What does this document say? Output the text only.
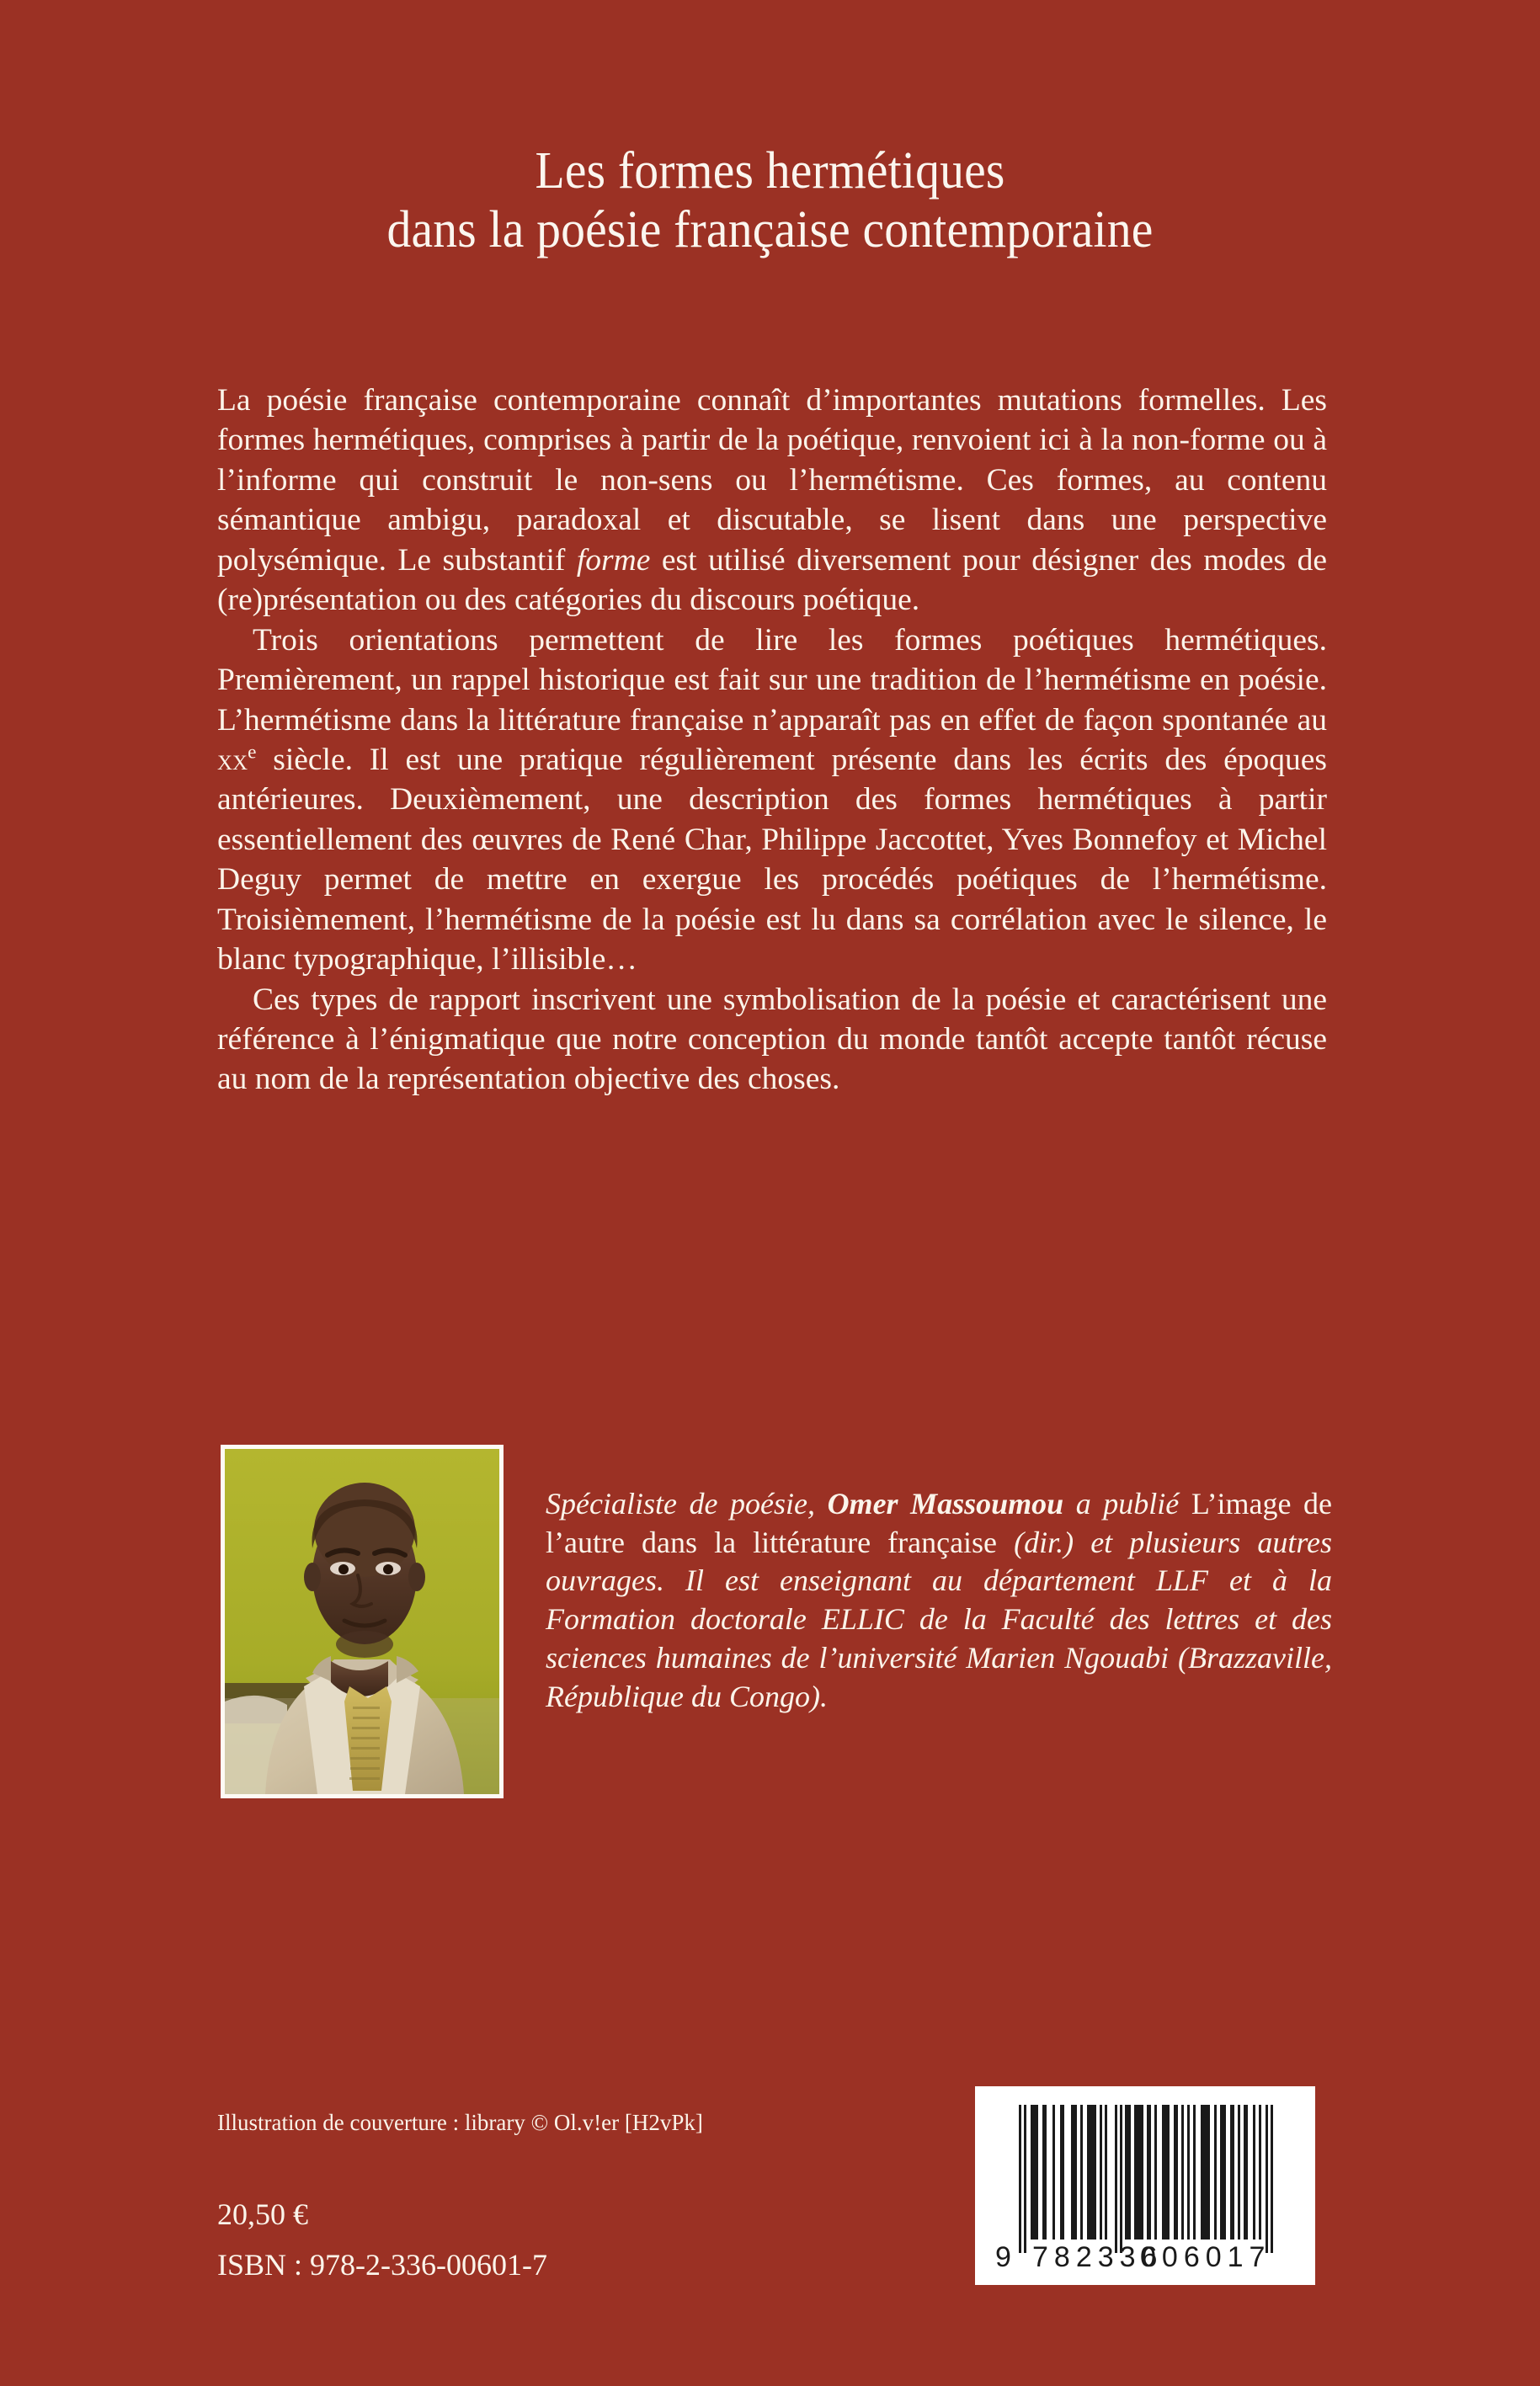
Les formes hermétiques
dans la poésie française contemporaine

La poésie française contemporaine connaît d’importantes mutations formelles. Les formes hermétiques, comprises à partir de la poétique, renvoient ici à la non-forme ou à l’informe qui construit le non-sens ou l’hermétisme. Ces formes, au contenu sémantique ambigu, paradoxal et discutable, se lisent dans une perspective polysémique. Le substantif forme est utilisé diversement pour désigner des modes de (re)présentation ou des catégories du discours poétique.

Trois orientations permettent de lire les formes poétiques hermétiques. Premièrement, un rappel historique est fait sur une tradition de l’hermétisme en poésie. L’hermétisme dans la littérature française n’apparaît pas en effet de façon spontanée au $xx^e$ siècle. Il est une pratique régulièrement présente dans les écrits des époques antérieures. Deuxièmement, une description des formes hermétiques à partir essentiellement des œuvres de René Char, Philippe Jaccottet, Yves Bonnefoy et Michel Deguy permet de mettre en exergue les procédés poétiques de l’hermétisme. Troisièmement, l’hermétisme de la poésie est lu dans sa corrélation avec le silence, le blanc typographique, l’illisible…

Ces types de rapport inscrivent une symbolisation de la poésie et caractérisent une référence à l’énigmatique que notre conception du monde tantôt accepte tantôt récuse au nom de la représentation objective des choses.

Spécialiste de poésie, Omer Massoumou a publié L’image de l’autre dans la littérature française (dir.) et plusieurs autres ouvrages. Il est enseignant au département LLF et à la Formation doctorale ELLIC de la Faculté des lettres et des sciences humaines de l’université Marien Ngouabi (Brazzaville, République du Congo).
Illustration de couverture : library © Ol.v!er [H2vPk]
20,50 €
ISBN : 978-2-336-00601-7	9 782336
006017
